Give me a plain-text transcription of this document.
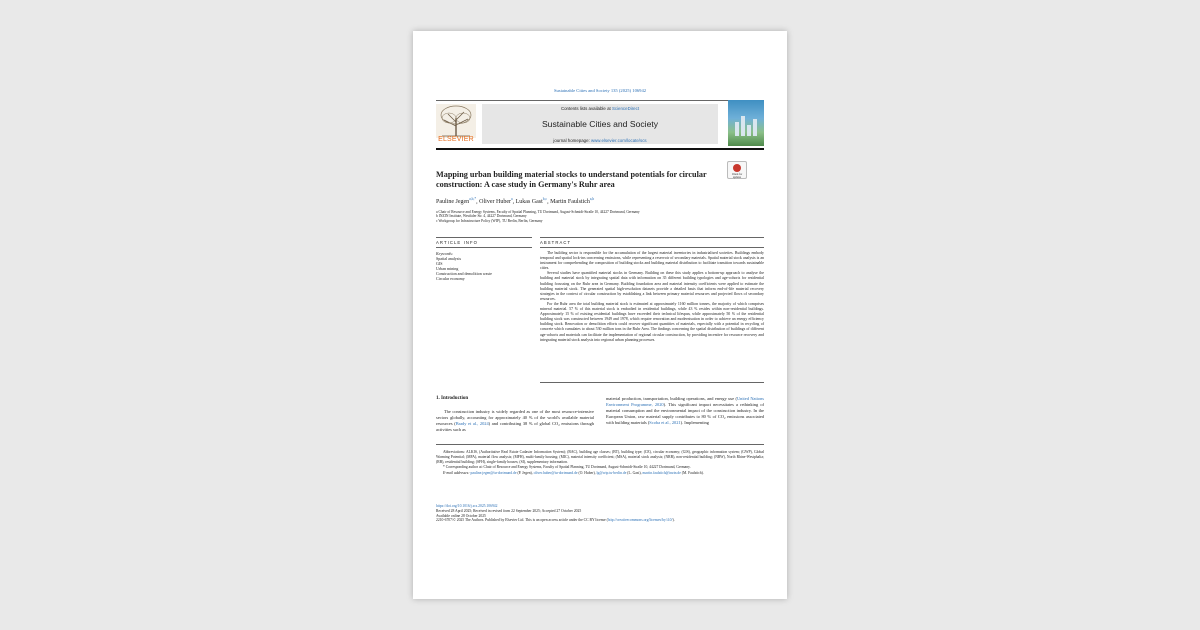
Sustainable Cities and Society 135 (2025) 106942
ELSEVIER
Contents lists available at ScienceDirect
Sustainable Cities and Society
journal homepage: www.elsevier.com/locate/scs
Check for updates
Mapping urban building material stocks to understand potentials for circular construction: A case study in Germany's Ruhr area
Pauline Jegen$^{a,b,*}$, Oliver Huber$^a$, Lukas Gast$^{b,c}$, Martin Faulstich$^{a,b}$
a Chair of Resource and Energy Systems, Faculty of Spatial Planning, TU Dortmund, August-Schmidt-Straße 10, 44227 Dortmund, Germany
b INZIN Institute, Westfaler Str. 4, 44227 Dortmund, Germany
c Workgroup for Infrastructure Policy (WIP), TU Berlin, Berlin, Germany
ARTICLE INFO
Keywords:
Spatial analysis
GIS
Urban mining
Construction and demolition waste
Circular economy
ABSTRACT

The building sector is responsible for the accumulation of the largest material inventories in industrialised societies. Buildings embody temporal and spatial lock-ins concerning emissions, while representing a reservoir of secondary materials. Spatial material stock analysis is an instrument for comprehending the composition of building stocks and building material distribution to facilitate transition towards sustainable cities.

Several studies have quantified material stocks in Germany. Building on these this study applies a bottom-up approach to analyse the building and material stock by integrating spatial data with information on 35 different building typologies and age-cohorts for residential building focussing on the Ruhr area in Germany. Building foundation area and material intensity coefficients were applied to estimate the building material stock. The generated spatial high-resolution datasets provide a detailed basis that inform end-of-life material recovery strategies in the context of circular construction by establishing a link between primary material resources and projected flows of secondary resources.

For the Ruhr area the total building material stock is estimated at approximately 1160 million tonnes, the majority of which comprises mineral material. 57 % of this material stock is embodied in residential buildings, while 43 % resides within non-residential buildings. Approximately 15 % of existing residential buildings have exceeded their technical lifespan, while approximately 50 % of the residential building stock was constructed between 1949 and 1978, which require renovation and modernisation in order to achieve an energy efficiency building stock. Renovation or demolition efforts could recover significant quantities of materials, especially with a potential in recycling of concrete which cumulates to about 530 million tons in the Ruhr Area. The findings concerning the spatial distribution of buildings of different age-cohorts and materials can facilitate the implementation of regional circular construction, by providing incentive for resource recovery and integrating material stock analysis into regional urban planning processes.

1. Introduction

The construction industry is widely regarded as one of the most resource-intensive sectors globally, accounting for approximately 40 % of the world's available material resources (Brady et al., 2024) and contributing 38 % of global CO₂ emissions through activities such as

material production, transportation, building operations, and energy use (United Nations Environment Programme, 2020). This significant impact necessitates a rethinking of material consumption and the environmental impact of the construction industry. In the European Union, raw material supply contributes to 80 % of CO₂ emissions associated with building materials (Scoba et al., 2021). Implementing

Abbreviations: ALKIS, (Authoritative Real Estate Cadaster Information System); (BAC), building age classes; (BT), building type; (CE), circular economy; (GIS), geographic information system; (GWP), Global Warming Potential; (MFA), material flow analysis; (MFH), multi-family housing; (MIC), material intensity coefficient; (MSA), material stock analysis; (NRB), non-residential building; (NRW), North Rhine-Westphalia; (RB), residential building; (SFH), single-family houses; (SI), supplementary information.

* Corresponding author at: Chair of Resource and Energy Systems, Faculty of Spatial Planning, TU Dortmund, August-Schmidt-Straße 10, 44227 Dortmund, Germany.

E-mail addresses: pauline.jegen@tu-dortmund.de (P. Jegen), oliver.huber@tu-dortmund.de (O. Huber), lg@wip.tu-berlin.de (L. Gast), martin.faulstich@inzin.de (M. Faulstich).

https://doi.org/10.1016/j.scs.2025.106942
Received 28 April 2025; Received in revised form 22 September 2025; Accepted 27 October 2025
Available online 28 October 2025
2210-6707/© 2025 The Authors. Published by Elsevier Ltd. This is an open access article under the CC BY license (http://creativecommons.org/licenses/by/4.0/).
